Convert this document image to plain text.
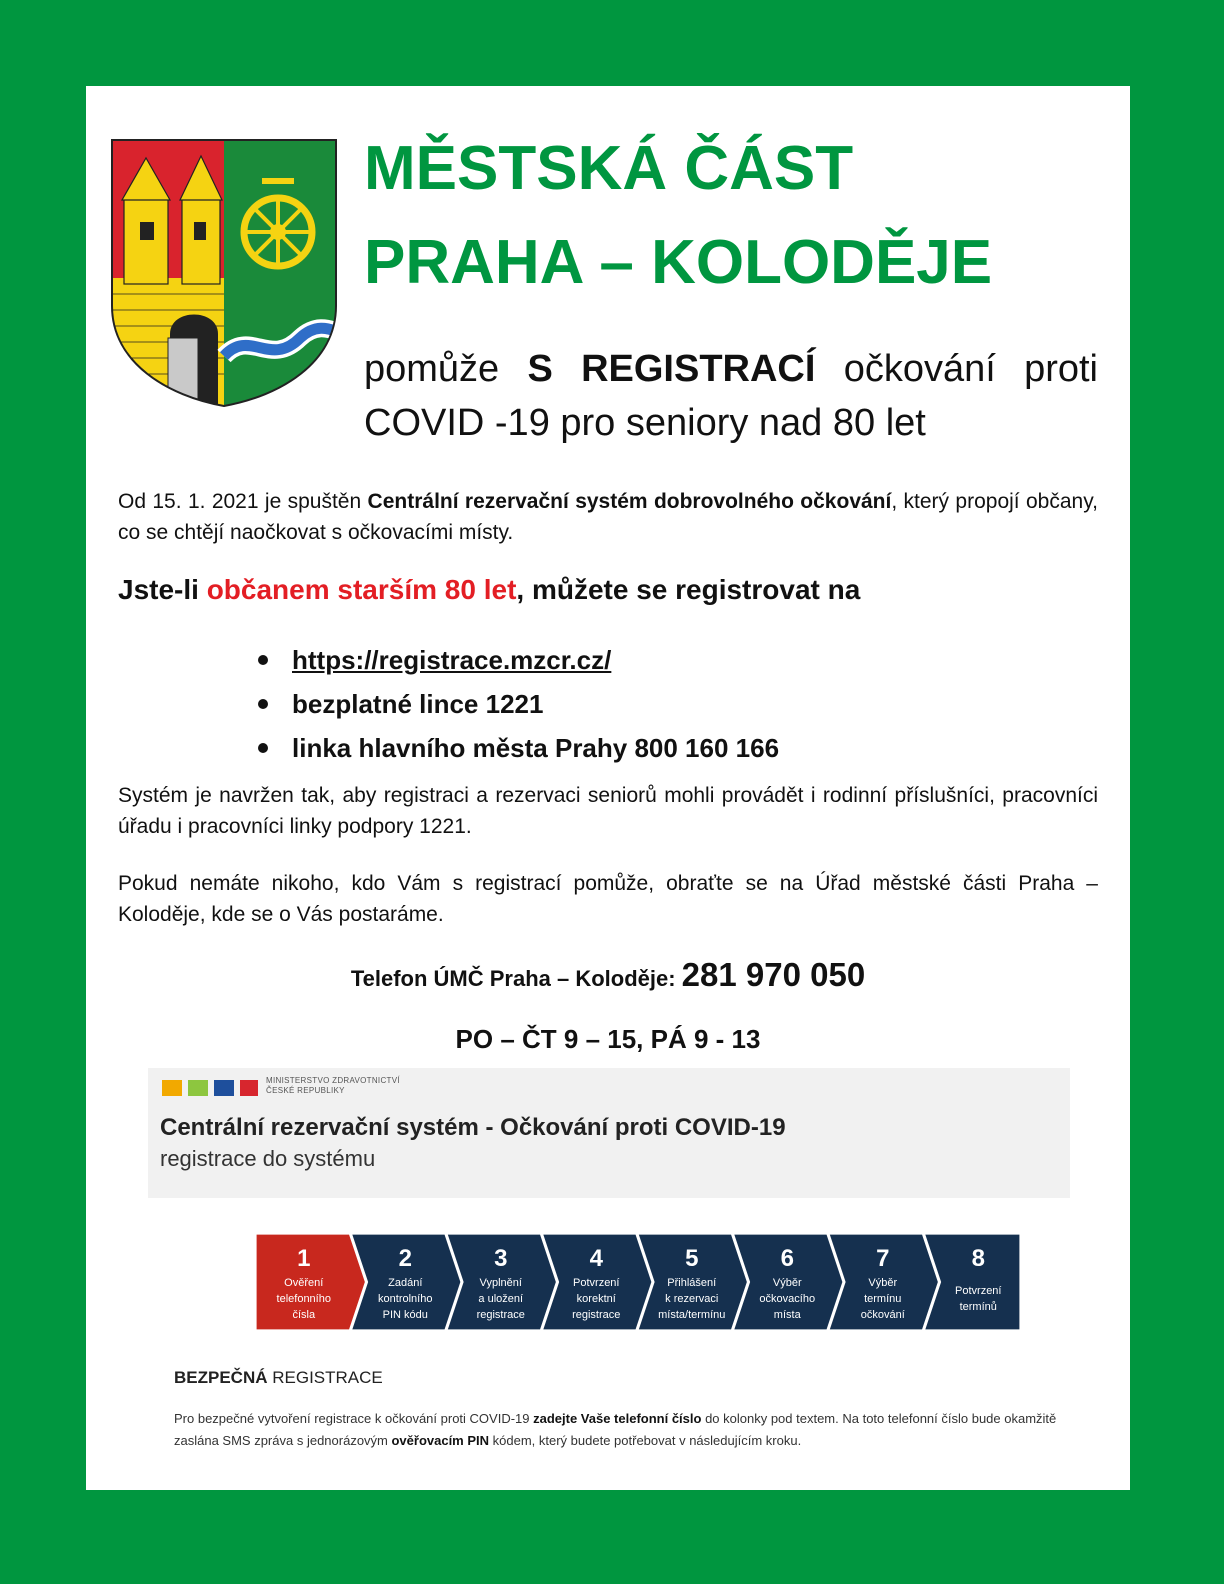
MĚSTSKÁ ČÁST
PRAHA – KOLODĚJE

pomůže S REGISTRACÍ očkování proti COVID -19 pro seniory nad 80 let

Od 15. 1. 2021 je spuštěn Centrální rezervační systém dobrovolného očkování, který propojí občany, co se chtějí naočkovat s očkovacími místy.

Jste-li občanem starším 80 let, můžete se registrovat na

https://registrace.mzcr.cz/
bezplatné lince 1221
linka hlavního města Prahy 800 160 166

Systém je navržen tak, aby registraci a rezervaci seniorů mohli provádět i rodinní příslušníci, pracovníci úřadu i pracovníci linky podpory 1221.

Pokud nemáte nikoho, kdo Vám s registrací pomůže, obraťte se na Úřad městské části Praha – Koloděje, kde se o Vás postaráme.

Telefon ÚMČ Praha – Koloděje: 281 970 050

PO – ČT 9 – 15, PÁ 9 - 13

MINISTERSTVO ZDRAVOTNICTVÍ
ČESKÉ REPUBLIKY
Centrální rezervační systém - Očkování proti COVID-19
registrace do systému
1
Ověření
telefonního
čísla
2
Zadání
kontrolního
PIN kódu
3
Vyplnění
a uložení
registrace
4
Potvrzení
korektní
registrace
5
Přihlášení
k rezervaci
místa/termínu
6
Výběr
očkovacího
místa
7
Výběr
termínu
očkování
8
Potvrzení
termínů
BEZPEČNÁ REGISTRACE

Pro bezpečné vytvoření registrace k očkování proti COVID-19 zadejte Vaše telefonní číslo do kolonky pod textem. Na toto telefonní číslo bude okamžitě zaslána SMS zpráva s jednorázovým ověřovacím PIN kódem, který budete potřebovat v následujícím kroku.
